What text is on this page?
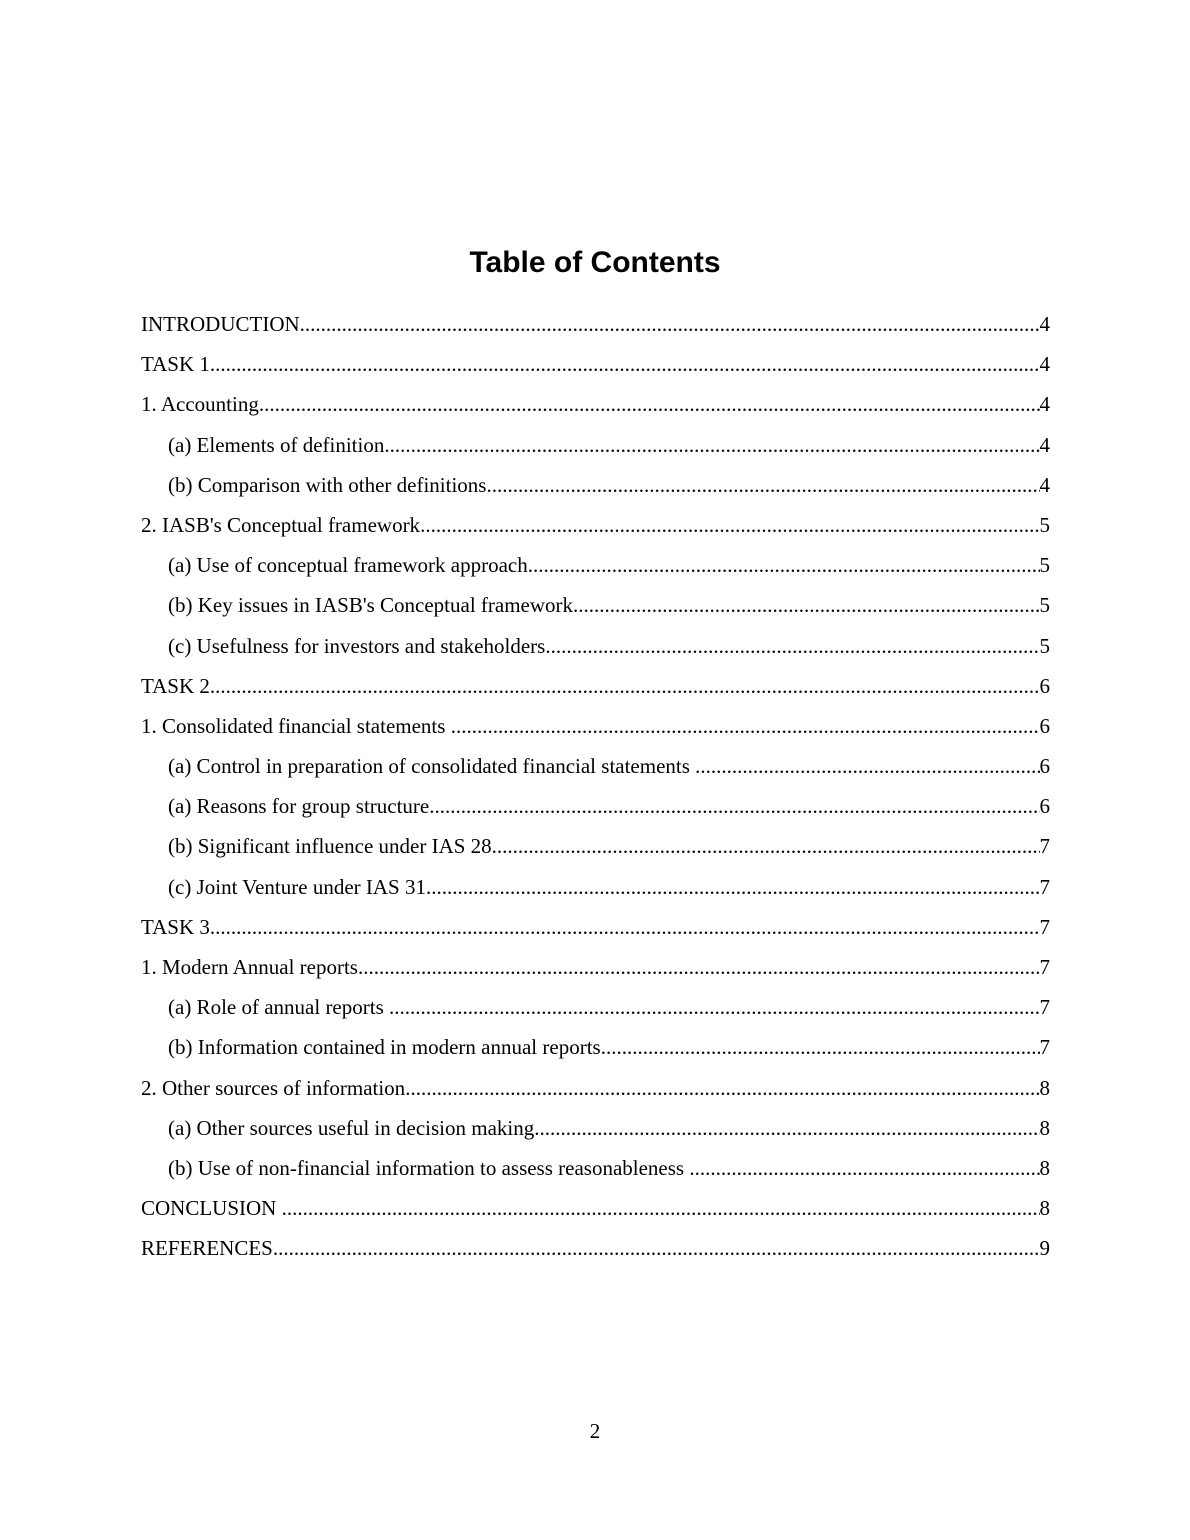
Table of Contents
INTRODUCTION .....	4
TASK 1 .....	4
1. Accounting .....	4
(a) Elements of definition .....	4
(b) Comparison with other definitions .....	4
2. IASB's Conceptual framework .....	5
(a) Use of conceptual framework approach .....	5
(b) Key issues in IASB's Conceptual framework .....	5
(c) Usefulness for investors and stakeholders .....	5
TASK 2 .....	6
1. Consolidated financial statements .....	6
(a) Control in preparation of consolidated financial statements .....	6
(a) Reasons for group structure .....	6
(b) Significant influence under IAS 28 .....	7
(c) Joint Venture under IAS 31 .....	7
TASK 3 .....	7
1. Modern Annual reports .....	7
(a) Role of annual reports .....	7
(b) Information contained in modern annual reports .....	7
2. Other sources of information .....	8
(a) Other sources useful in decision making .....	8
(b) Use of non-financial information to assess reasonableness .....	8
CONCLUSION .....	8
REFERENCES .....	9
2
